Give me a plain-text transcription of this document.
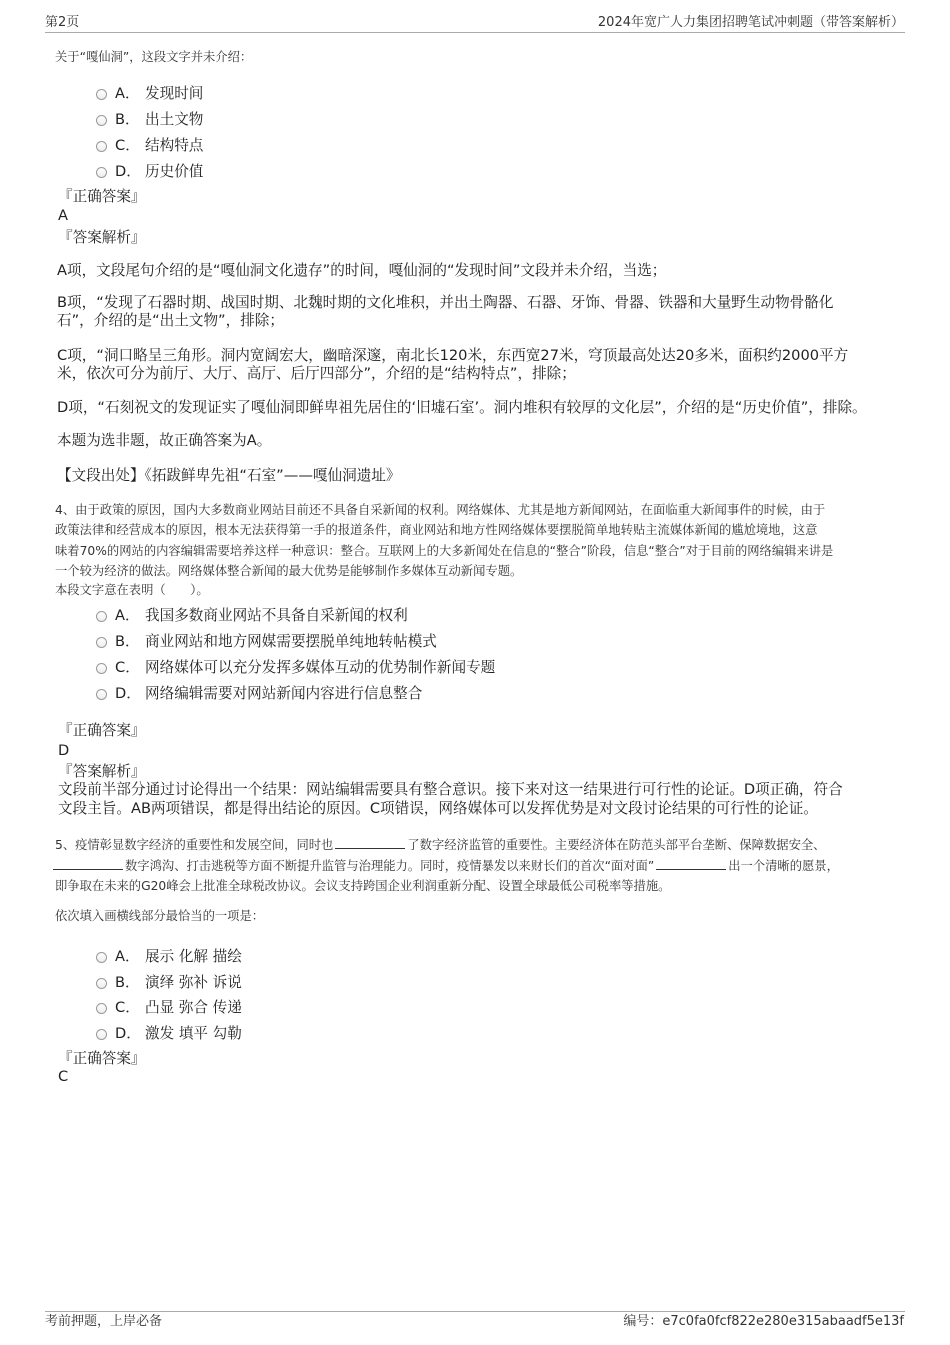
第2页	2024年宽广人力集团招聘笔试冲刺题（带答案解析）
关于“嘎仙洞”，这段文字并未介绍：
A． 发现时间
B． 出土文物
C． 结构特点
D． 历史价值
『正确答案』
A
『答案解析』
A项，文段尾句介绍的是“嘎仙洞文化遗存”的时间，嘎仙洞的“发现时间”文段并未介绍，当选；
B项，“发现了石器时期、战国时期、北魏时期的文化堆积，并出土陶器、石器、牙饰、骨器、铁器和大量野生动物骨骼化
石”，介绍的是“出土文物”，排除；
C项，“洞口略呈三角形。洞内宽阔宏大，幽暗深邃，南北长120米，东西宽27米，穹顶最高处达20多米，面积约2000平方
米，依次可分为前厅、大厅、高厅、后厅四部分”，介绍的是“结构特点”，排除；
D项，“石刻祝文的发现证实了嘎仙洞即鲜卑祖先居住的‘旧墟石室’。洞内堆积有较厚的文化层”，介绍的是“历史价值”，排除。
本题为选非题，故正确答案为A。
【文段出处】《拓跋鲜卑先祖“石室”——嘎仙洞遗址》
4、由于政策的原因，国内大多数商业网站目前还不具备自采新闻的权利。网络媒体、尤其是地方新闻网站，在面临重大新闻事件的时候，由于
政策法律和经营成本的原因，根本无法获得第一手的报道条件，商业网站和地方性网络媒体要摆脱简单地转贴主流媒体新闻的尴尬境地，这意
味着70%的网站的内容编辑需要培养这样一种意识：整合。互联网上的大多新闻处在信息的“整合”阶段，信息“整合”对于目前的网络编辑来讲是
一个较为经济的做法。网络媒体整合新闻的最大优势是能够制作多媒体互动新闻专题。
本段文字意在表明（　　）。
A． 我国多数商业网站不具备自采新闻的权利
B． 商业网站和地方网媒需要摆脱单纯地转帖模式
C． 网络媒体可以充分发挥多媒体互动的优势制作新闻专题
D． 网络编辑需要对网站新闻内容进行信息整合
『正确答案』
D
『答案解析』
文段前半部分通过讨论得出一个结果：网站编辑需要具有整合意识。接下来对这一结果进行可行性的论证。D项正确，符合
文段主旨。AB两项错误，都是得出结论的原因。C项错误，网络媒体可以发挥优势是对文段讨论结果的可行性的论证。
5、疫情彰显数字经济的重要性和发展空间，同时也	了数字经济监管的重要性。主要经济体在防范头部平台垄断、保障数据安全、
数字鸿沟、打击逃税等方面不断提升监管与治理能力。同时，疫情暴发以来财长们的首次“面对面”	出一个清晰的愿景，
即争取在未来的G20峰会上批准全球税改协议。会议支持跨国企业利润重新分配、设置全球最低公司税率等措施。
依次填入画横线部分最恰当的一项是：
A． 展示 化解 描绘
B． 演绎 弥补 诉说
C． 凸显 弥合 传递
D． 激发 填平 勾勒
『正确答案』
C
考前押题，上岸必备	编号：e7c0fa0fcf822e280e315abaadf5e13f
